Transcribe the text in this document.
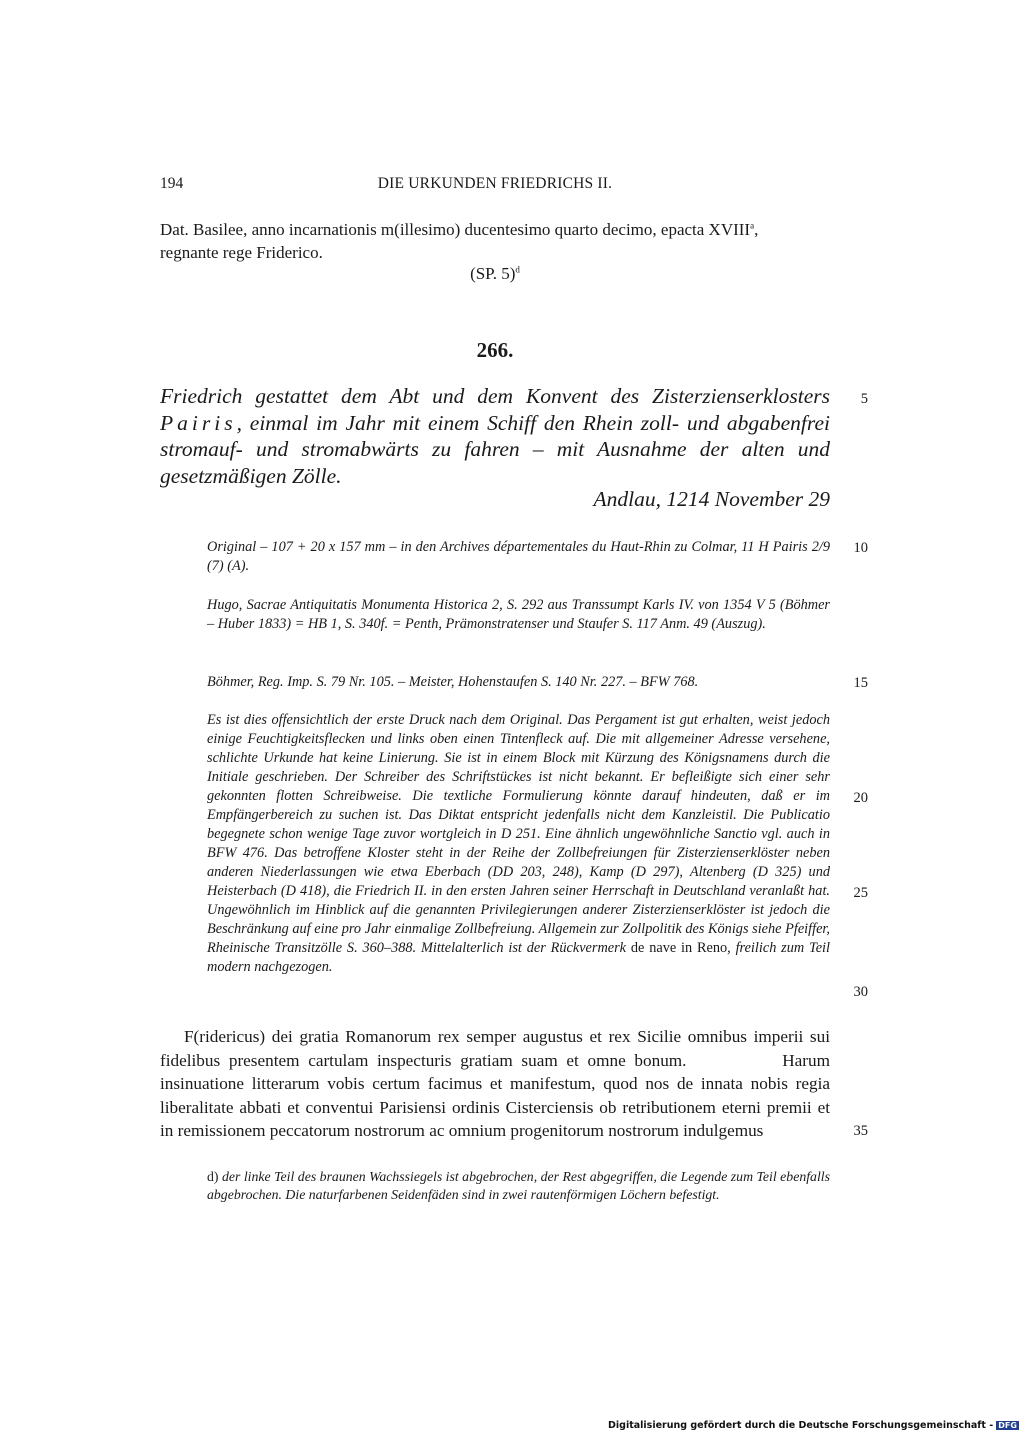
194	DIE URKUNDEN FRIEDRICHS II.
Dat. Basilee, anno incarnationis m(illesimo) ducentesimo quarto decimo, epacta XVIII$^a$,
regnante rege Friderico.
(SP. 5)$^d$
266.
Friedrich gestattet dem Abt und dem Konvent des Zisterzienserklosters Pairis, einmal im Jahr mit einem Schiff den Rhein zoll- und abgabenfrei stromauf- und stromabwärts zu fahren – mit Ausnahme der alten und gesetzmäßigen Zölle.
Andlau, 1214 November 29
Original – 107 + 20 x 157 mm – in den Archives départementales du Haut-Rhin zu Colmar, 11 H Pairis 2/9 (7) (A).
Hugo, Sacrae Antiquitatis Monumenta Historica 2, S. 292 aus Transsumpt Karls IV. von 1354 V 5 (Böhmer – Huber 1833) = HB 1, S. 340f. = Penth, Prämonstratenser und Staufer S. 117 Anm. 49 (Auszug).
Böhmer, Reg. Imp. S. 79 Nr. 105. – Meister, Hohenstaufen S. 140 Nr. 227. – BFW 768.
Es ist dies offensichtlich der erste Druck nach dem Original. Das Pergament ist gut erhalten, weist jedoch einige Feuchtigkeitsflecken und links oben einen Tintenfleck auf. Die mit allgemeiner Adresse versehene, schlichte Urkunde hat keine Linierung. Sie ist in einem Block mit Kürzung des Königsnamens durch die Initiale geschrieben. Der Schreiber des Schriftstückes ist nicht bekannt. Er befleißigte sich einer sehr gekonnten flotten Schreibweise. Die textliche Formulierung könnte darauf hindeuten, daß er im Empfängerbereich zu suchen ist. Das Diktat entspricht jedenfalls nicht dem Kanzleistil. Die Publicatio begegnete schon wenige Tage zuvor wortgleich in D 251. Eine ähnlich ungewöhnliche Sanctio vgl. auch in BFW 476. Das betroffene Kloster steht in der Reihe der Zollbefreiungen für Zisterzienserklöster neben anderen Niederlassungen wie etwa Eberbach (DD 203, 248), Kamp (D 297), Altenberg (D 325) und Heisterbach (D 418), die Friedrich II. in den ersten Jahren seiner Herrschaft in Deutschland veranlaßt hat. Ungewöhnlich im Hinblick auf die genannten Privilegierungen anderer Zisterzienserklöster ist jedoch die Beschränkung auf eine pro Jahr einmalige Zollbefreiung. Allgemein zur Zollpolitik des Königs siehe Pfeiffer, Rheinische Transitzölle S. 360–388. Mittelalterlich ist der Rückvermerk de nave in Reno, freilich zum Teil modern nachgezogen.
5
10
15
20
25
30
35

F(ridericus) dei gratia Romanorum rex semper augustus et rex Sicilie omnibus imperii sui fidelibus presentem cartulam inspecturis gratiam suam et omne bonum.	Harum insinuatione litterarum vobis certum facimus et manifestum, quod nos de innata nobis regia liberalitate abbati et conventui Parisiensi ordinis Cisterciensis ob retributionem eterni premii et in remissionem peccatorum nostrorum ac omnium progenitorum nostrorum indulgemus

d) der linke Teil des braunen Wachssiegels ist abgebrochen, der Rest abgegriffen, die Legende zum Teil ebenfalls abgebrochen. Die naturfarbenen Seidenfäden sind in zwei rautenförmigen Löchern befestigt.
Digitalisierung gefördert durch die Deutsche Forschungsgemeinschaft - DFG
